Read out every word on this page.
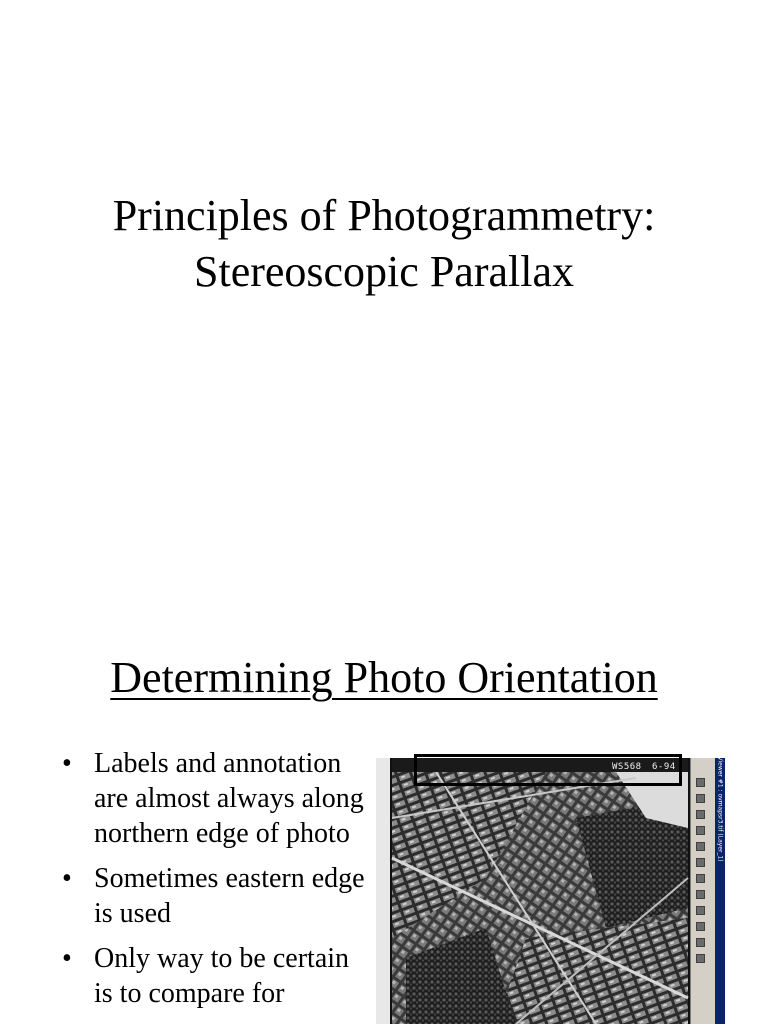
Principles of Photogrammetry:
Stereoscopic Parallax
Determining Photo Orientation
• Labels and annotation are almost always along northern edge of photo
• Sometimes eastern edge is used
• Only way to be certain is to compare for
WS568 6-94	Viewer #1 : ovmapsr3.tif (Layer_1)
